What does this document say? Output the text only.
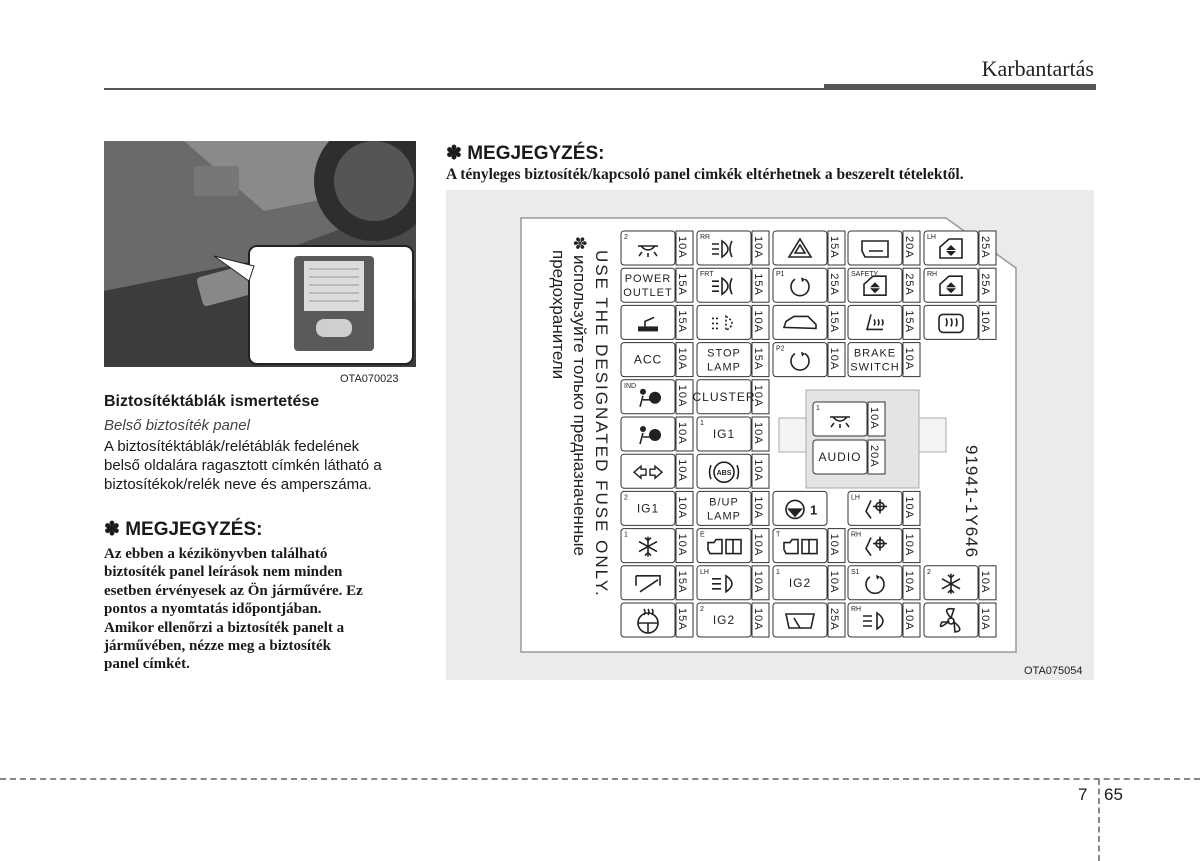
Karbantartás
OTA070023

Biztosítéktáblák ismertetése

Belső biztosíték panel

A biztosítéktáblák/relétáblák fedelének
belső oldalára ragasztott címkén látható a
biztosítékok/relék neve és amperszáma.

✽ MEGJEGYZÉS:

Az ebben a kézikönyvben található
biztosíték panel leírások nem minden
esetben érvényesek az Ön járművére. Ez
pontos a nyomtatás időpontjában.
Amikor ellenőrzi a biztosíték panelt a
járművében, nézze meg a biztosíték
panel címkét.

✽ MEGJEGYZÉS:
A tényleges biztosíték/kapcsoló panel cimkék eltérhetnek a beszerelt tételektől.
USE THE DESIGNATED FUSE ONLY.
✽ используйте только предназначенные
предохранители
91941-1Y646
10A
2
15A
POWER
OUTLET
15A
10A
ACC
10A
IND
10A
10A
10A
2
IG1
10A
1
15A
15A
10A
RR
15A
FRT
10A
15A
STOP
LAMP
10A
CLUSTER
10A
1
IG1
10A
ABS
10A
B/UP
LAMP
10A
E
10A
LH
10A
2
IG2
15A
25A
P1
15A
10A
P2
20A
25A
SAFETY
15A
10A
BRAKE
SWITCH
25A
LH
25A
RH
10A
1
10A
T
10A
1
IG2
25A
10A
LH
10A
RH
10A
S1
10A
RH
10A
2
10A
10A
1
20A
AUDIO
OTA075054
7 65
